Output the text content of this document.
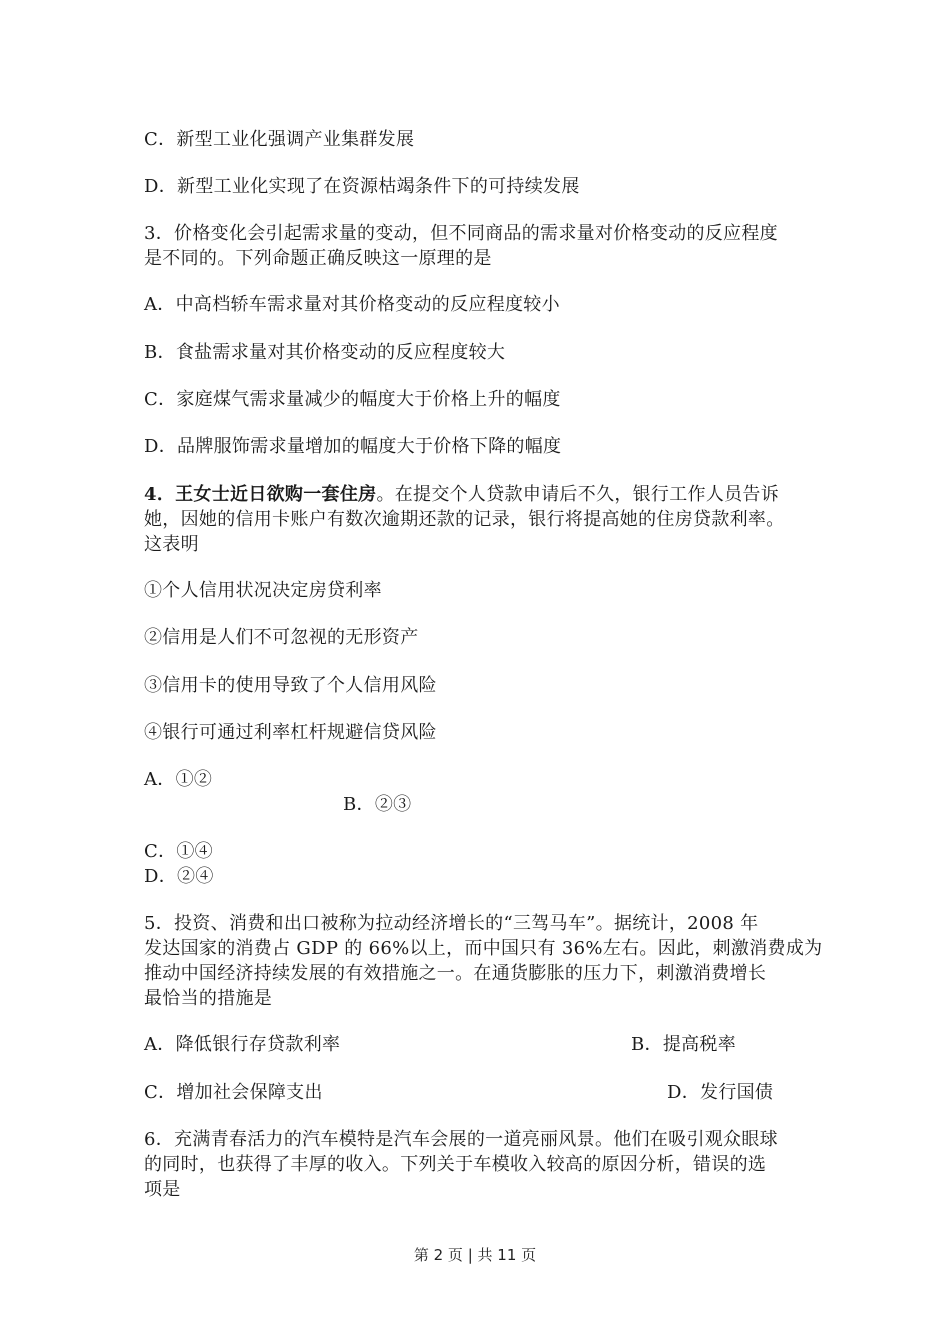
C．新型工业化强调产业集群发展
D．新型工业化实现了在资源枯竭条件下的可持续发展
3．价格变化会引起需求量的变动，但不同商品的需求量对价格变动的反应程度
是不同的。下列命题正确反映这一原理的是
A．中高档轿车需求量对其价格变动的反应程度较小
B．食盐需求量对其价格变动的反应程度较大
C．家庭煤气需求量减少的幅度大于价格上升的幅度
D．品牌服饰需求量增加的幅度大于价格下降的幅度
4．王女士近日欲购一套住房。在提交个人贷款申请后不久，银行工作人员告诉
她，因她的信用卡账户有数次逾期还款的记录，银行将提高她的住房贷款利率。
这表明
①个人信用状况决定房贷利率
②信用是人们不可忽视的无形资产
③信用卡的使用导致了个人信用风险
④银行可通过利率杠杆规避信贷风险
A．①②
B．②③
C．①④
D．②④
5．投资、消费和出口被称为拉动经济增长的“三驾马车”。据统计，2008 年
发达国家的消费占 GDP 的 66%以上，而中国只有 36%左右。因此，刺激消费成为
推动中国经济持续发展的有效措施之一。在通货膨胀的压力下，刺激消费增长
最恰当的措施是
A．降低银行存贷款利率	B．提高税率
C．增加社会保障支出	D．发行国债
6．充满青春活力的汽车模特是汽车会展的一道亮丽风景。他们在吸引观众眼球
的同时，也获得了丰厚的收入。下列关于车模收入较高的原因分析，错误的选
项是
第 2 页 | 共 11 页
